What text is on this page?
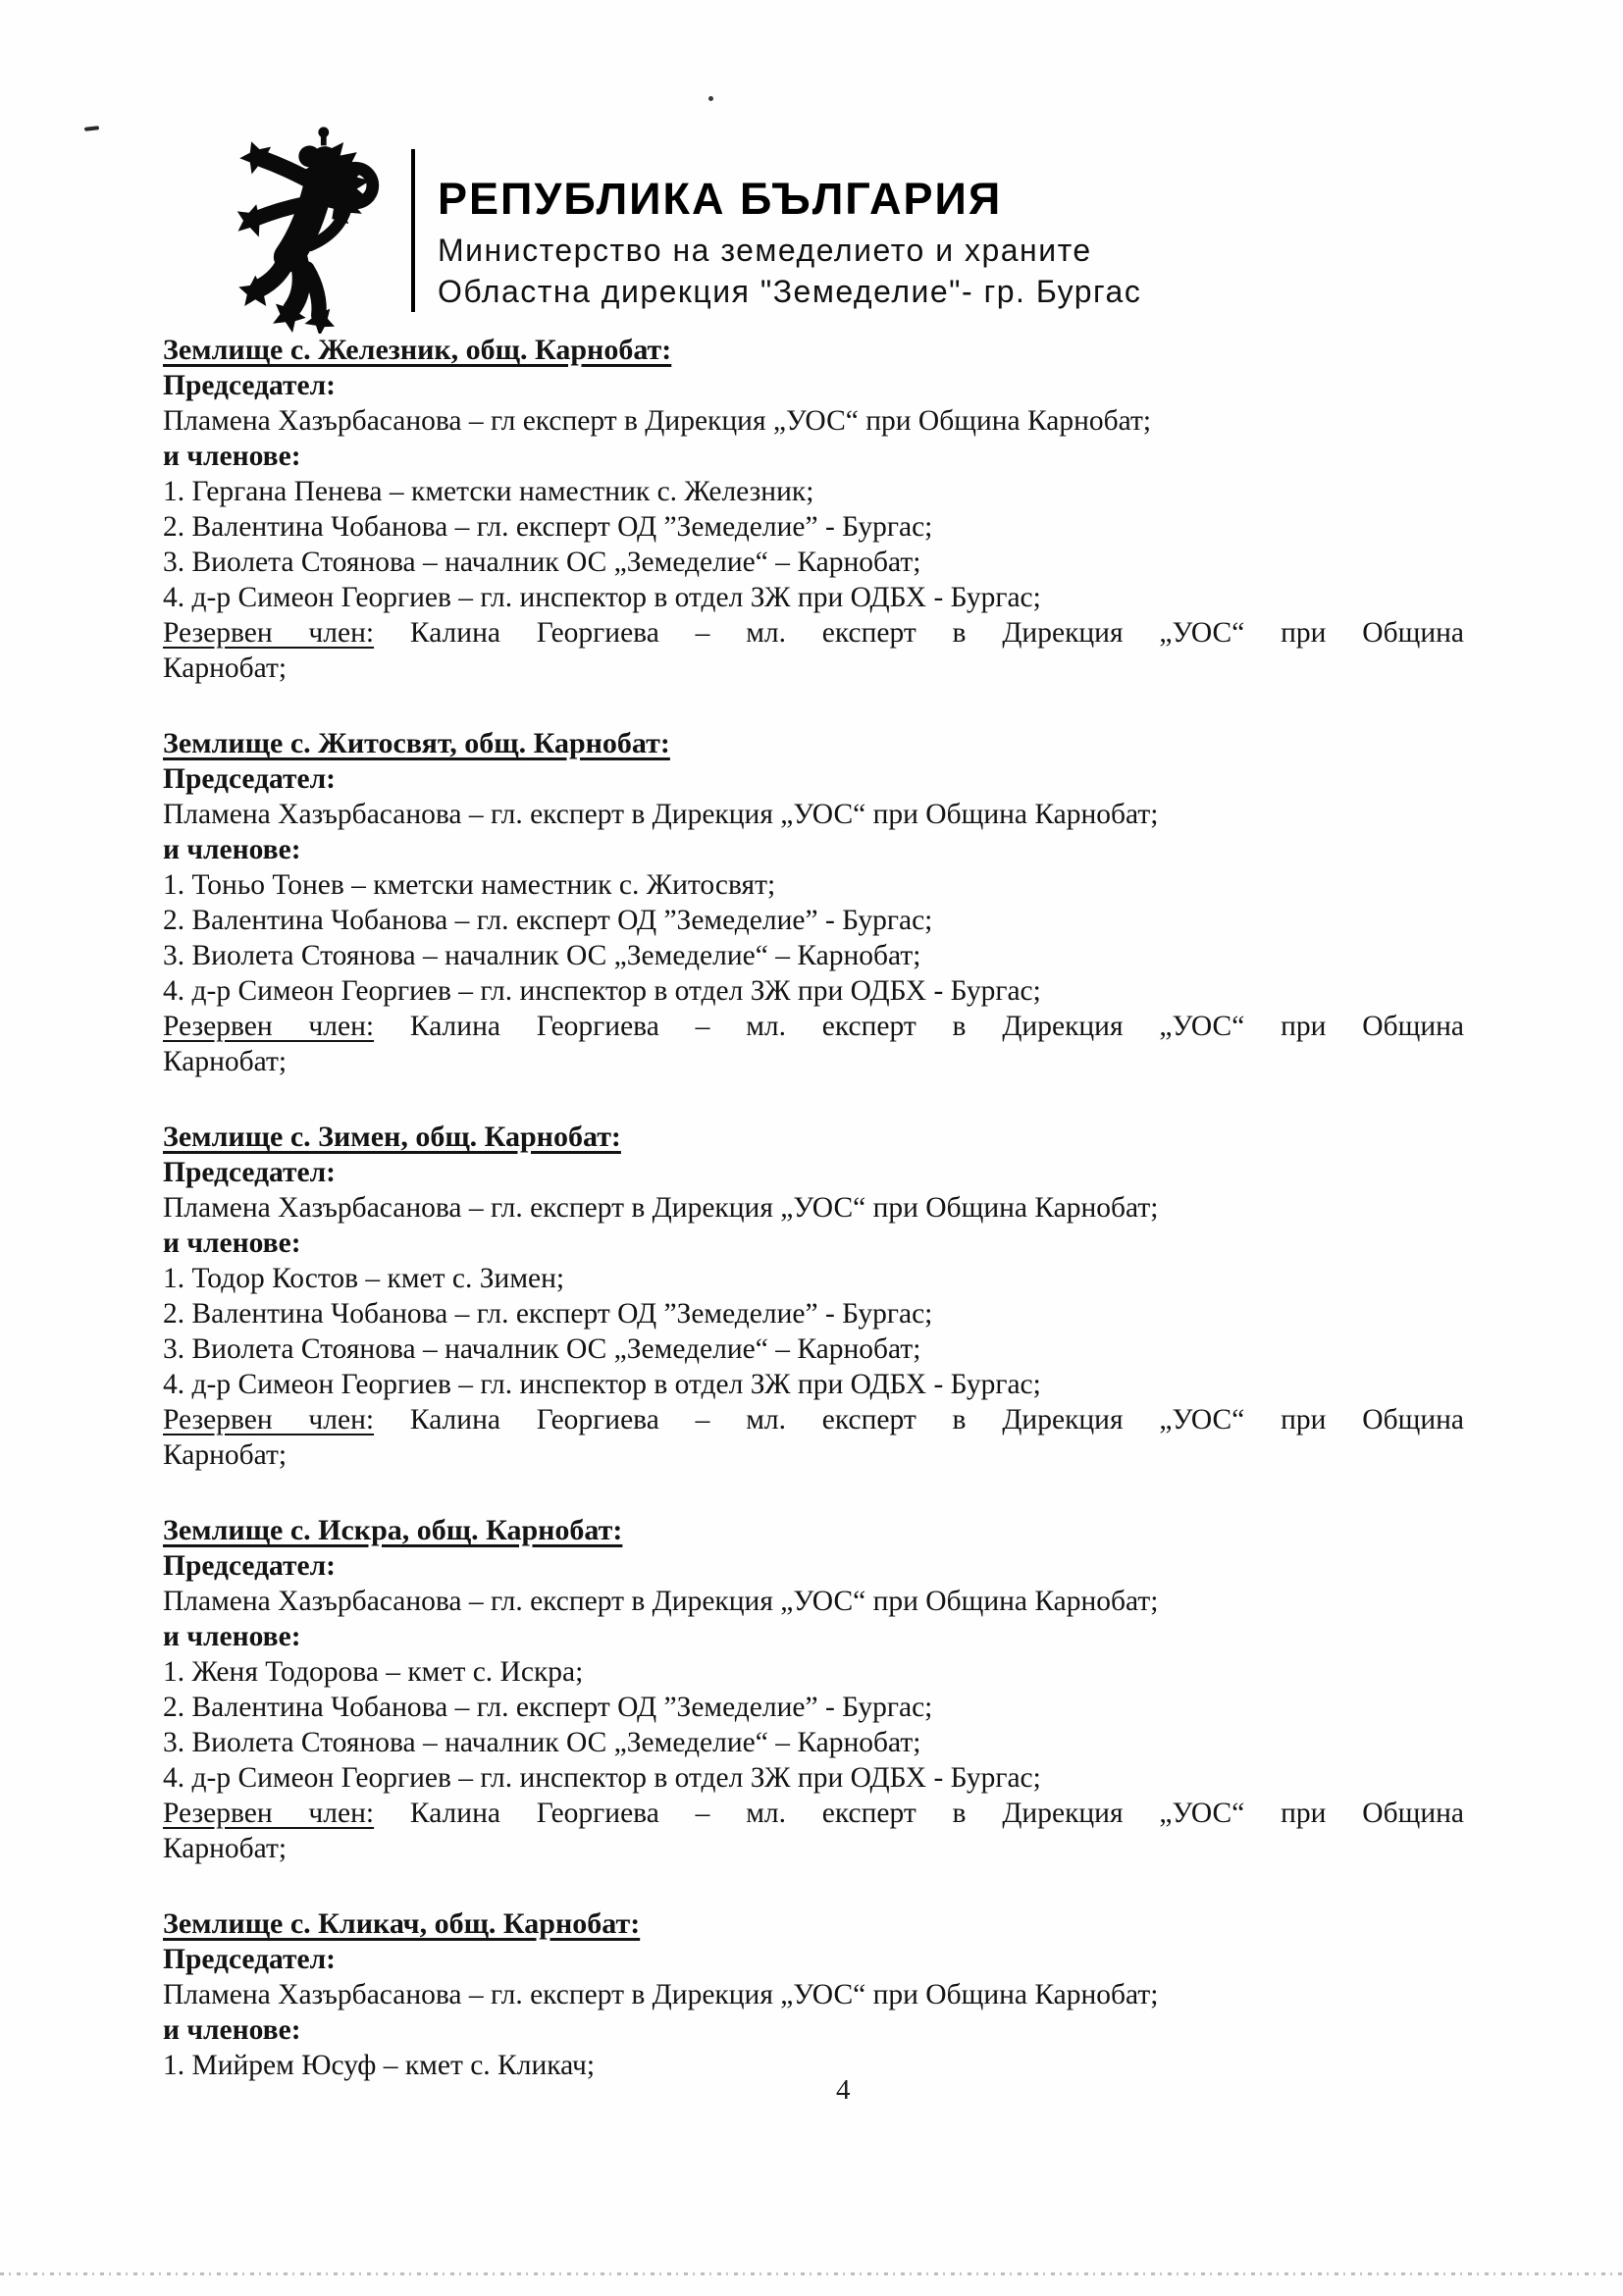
РЕПУБЛИКА БЪЛГАРИЯ
Министерство на земеделието и храните
Областна дирекция "Земеделие"- гр. Бургас
Землище с. Железник, общ. Карнобат:
Председател:
Пламена Хазърбасанова – гл експерт в Дирекция „УОС“ при Община Карнобат;
и членове:
1. Гергана Пенева – кметски наместник с. Железник;
2. Валентина Чобанова – гл. експерт ОД ”Земеделие” - Бургас;
3. Виолета Стоянова – началник ОС „Земеделие“ – Карнобат;
4. д-р Симеон Георгиев – гл. инспектор в отдел ЗЖ при ОДБХ - Бургас;
Резервен член: Калина Георгиева – мл. експерт в Дирекция „УОС“ при Община
Карнобат;
Землище с. Житосвят, общ. Карнобат:
Председател:
Пламена Хазърбасанова – гл. експерт в Дирекция „УОС“ при Община Карнобат;
и членове:
1. Тоньо Тонев – кметски наместник с. Житосвят;
2. Валентина Чобанова – гл. експерт ОД ”Земеделие” - Бургас;
3. Виолета Стоянова – началник ОС „Земеделие“ – Карнобат;
4. д-р Симеон Георгиев – гл. инспектор в отдел ЗЖ при ОДБХ - Бургас;
Резервен член: Калина Георгиева – мл. експерт в Дирекция „УОС“ при Община
Карнобат;
Землище с. Зимен, общ. Карнобат:
Председател:
Пламена Хазърбасанова – гл. експерт в Дирекция „УОС“ при Община Карнобат;
и членове:
1. Тодор Костов – кмет с. Зимен;
2. Валентина Чобанова – гл. експерт ОД ”Земеделие” - Бургас;
3. Виолета Стоянова – началник ОС „Земеделие“ – Карнобат;
4. д-р Симеон Георгиев – гл. инспектор в отдел ЗЖ при ОДБХ - Бургас;
Резервен член: Калина Георгиева – мл. експерт в Дирекция „УОС“ при Община
Карнобат;
Землище с. Искра, общ. Карнобат:
Председател:
Пламена Хазърбасанова – гл. експерт в Дирекция „УОС“ при Община Карнобат;
и членове:
1. Женя Тодорова – кмет с. Искра;
2. Валентина Чобанова – гл. експерт ОД ”Земеделие” - Бургас;
3. Виолета Стоянова – началник ОС „Земеделие“ – Карнобат;
4. д-р Симеон Георгиев – гл. инспектор в отдел ЗЖ при ОДБХ - Бургас;
Резервен член: Калина Георгиева – мл. експерт в Дирекция „УОС“ при Община
Карнобат;
Землище с. Кликач, общ. Карнобат:
Председател:
Пламена Хазърбасанова – гл. експерт в Дирекция „УОС“ при Община Карнобат;
и членове:
1. Мийрем Юсуф – кмет с. Кликач;
4
